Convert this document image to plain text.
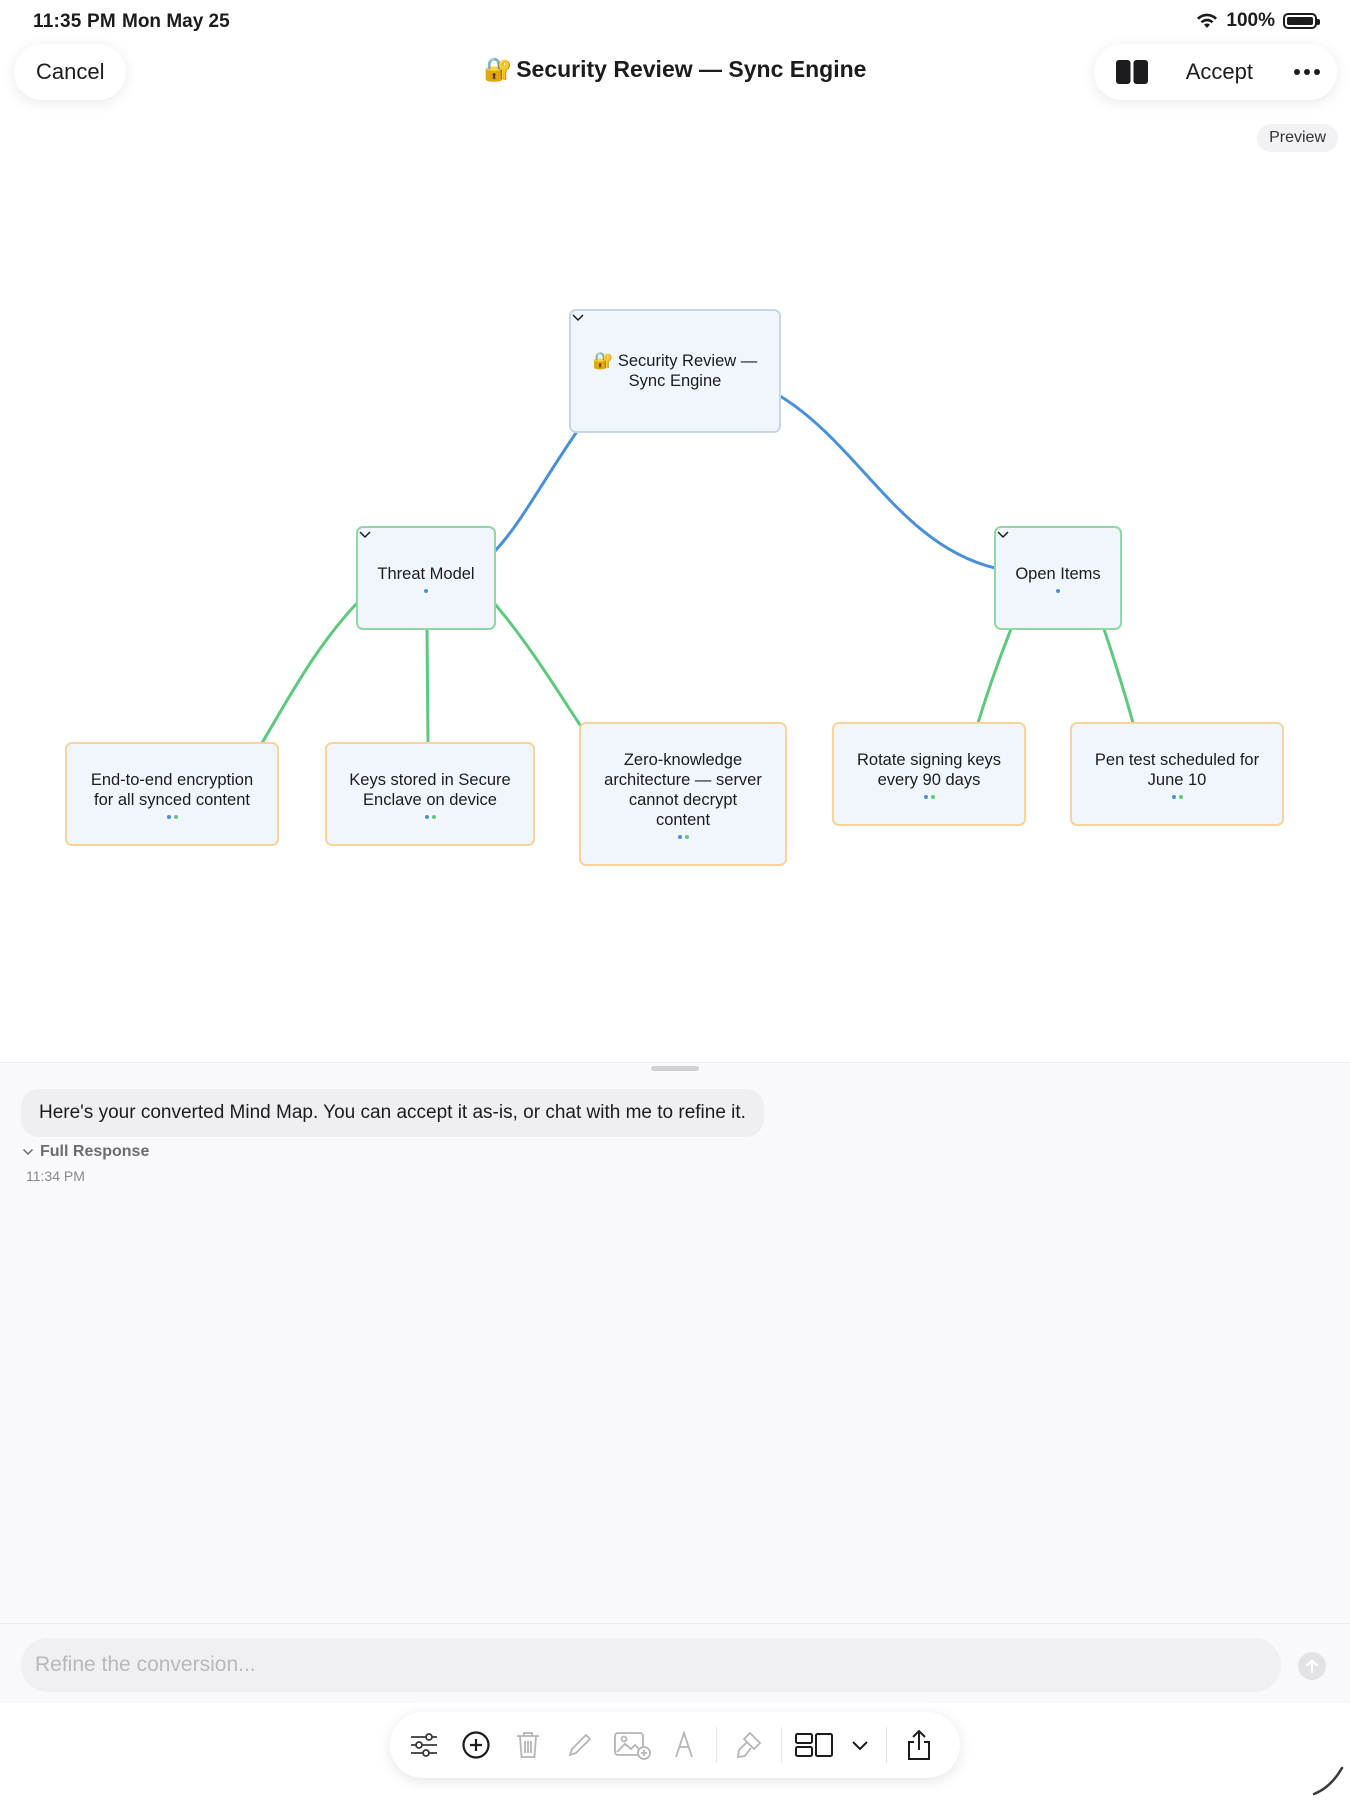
11:35 PM Mon May 25	100%
Cancel	🔐 Security Review — Sync Engine	Accept
Preview
🔐 Security Review —
Sync Engine
Threat Model	Open Items
End-to-end encryption
for all synced content
Keys stored in Secure
Enclave on device
Zero-knowledge
architecture — server
cannot decrypt
content
Rotate signing keys
every 90 days
Pen test scheduled for
June 10
Here's your converted Mind Map. You can accept it as-is, or chat with me to refine it.
Full Response
11:34 PM
Refine the conversion...
